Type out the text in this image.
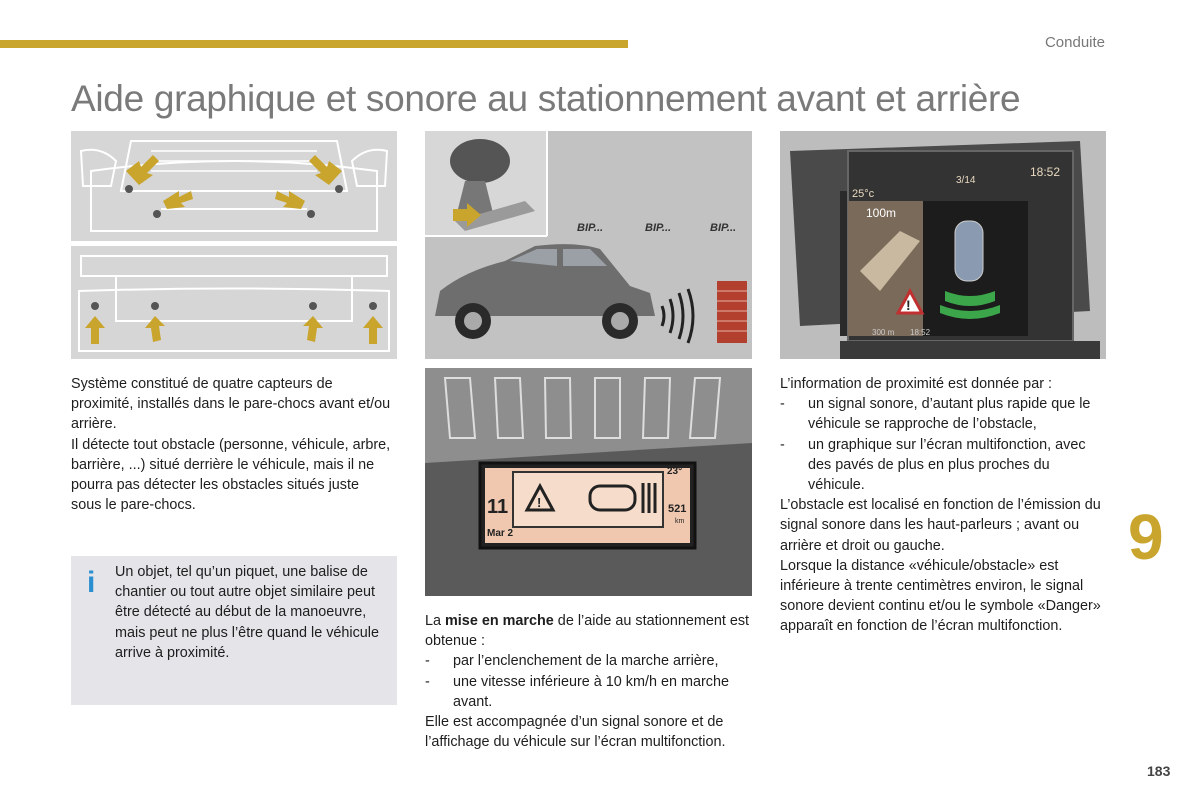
Conduite
Aide graphique et sonore au stationnement avant et arrière
BIP...	BIP...	BIP...
25°c
3/14
18:52
100m
!
300 m 18:52
11
Mar 2
23°
521
km
!

Système constitué de quatre capteurs de proximité, installés dans le pare-chocs avant et/ou arrière.

Il détecte tout obstacle (personne, véhicule, arbre, barrière, ...) situé derrière le véhicule, mais il ne pourra pas détecter les obstacles situés juste sous le pare-chocs.

i Un objet, tel qu’un piquet, une balise de chantier ou tout autre objet similaire peut être détecté au début de la manoeuvre, mais peut ne plus l’être quand le véhicule arrive à proximité.

La mise en marche de l’aide au stationnement est obtenue :

-	par l’enclenchement de la marche arrière,
-	une vitesse inférieure à 10 km/h en marche avant.

Elle est accompagnée d’un signal sonore et de l’affichage du véhicule sur l’écran multifonction.

L’information de proximité est donnée par :

-	un signal sonore, d’autant plus rapide que le véhicule se rapproche de l’obstacle,
-	un graphique sur l’écran multifonction, avec des pavés de plus en plus proches du véhicule.

L’obstacle est localisé en fonction de l’émission du signal sonore dans les haut-parleurs ; avant ou arrière et droit ou gauche.

Lorsque la distance «véhicule/obstacle» est inférieure à trente centimètres environ, le signal sonore devient continu et/ou le symbole «Danger» apparaît en fonction de l’écran multifonction.

9
183
